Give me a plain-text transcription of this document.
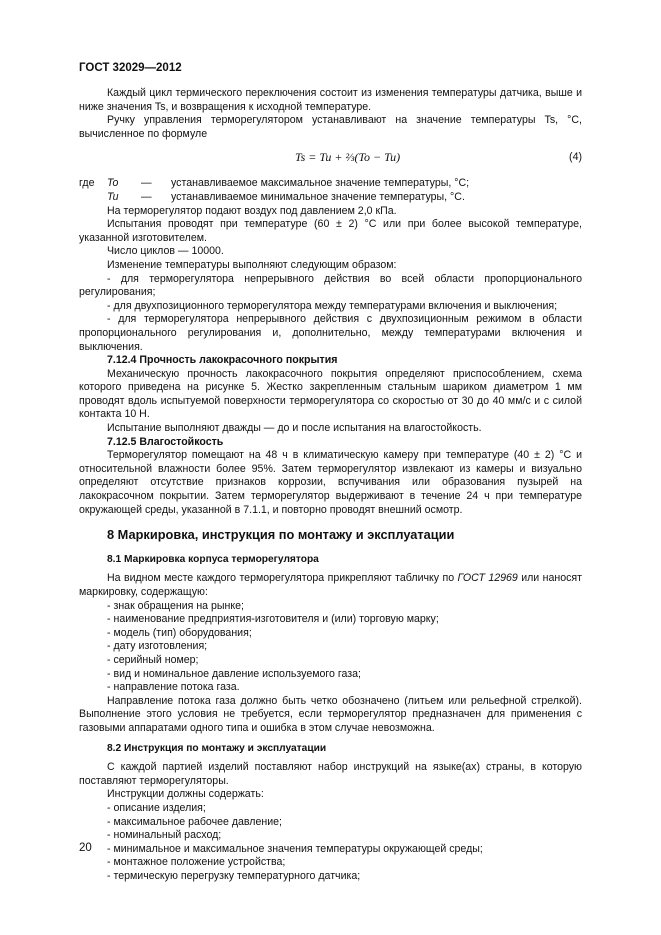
ГОСТ 32029—2012

Каждый цикл термического переключения состоит из изменения температуры датчика, выше и ниже значения Ts, и возвращения к исходной температуре.

Ручку управления терморегулятором устанавливают на значение температуры Ts, °С, вычисленное по формуле

Ts = Tu + ⅔(To − Tu)	(4)
где	To	—	устанавливаемое максимальное значение температуры, °С;
Tu	—	устанавливаемое минимальное значение температуры, °С.

На терморегулятор подают воздух под давлением 2,0 кПа.

Испытания проводят при температуре (60 ± 2) °С или при более высокой температуре, указанной изготовителем.

Число циклов — 10000.

Изменение температуры выполняют следующим образом:

- для терморегулятора непрерывного действия во всей области пропорционального регулирования;

- для двухпозиционного терморегулятора между температурами включения и выключения;

- для терморегулятора непрерывного действия с двухпозиционным режимом в области пропорционального регулирования и, дополнительно, между температурами включения и выключения.

7.12.4 Прочность лакокрасочного покрытия

Механическую прочность лакокрасочного покрытия определяют приспособлением, схема которого приведена на рисунке 5. Жестко закрепленным стальным шариком диаметром 1 мм проводят вдоль испытуемой поверхности терморегулятора со скоростью от 30 до 40 мм/с и с силой контакта 10 Н.

Испытание выполняют дважды — до и после испытания на влагостойкость.

7.12.5 Влагостойкость

Терморегулятор помещают на 48 ч в климатическую камеру при температуре (40 ± 2) °С и относительной влажности более 95%. Затем терморегулятор извлекают из камеры и визуально определяют отсутствие признаков коррозии, вспучивания или образования пузырей на лакокрасочном покрытии. Затем терморегулятор выдерживают в течение 24 ч при температуре окружающей среды, указанной в 7.1.1, и повторно проводят внешний осмотр.

8 Маркировка, инструкция по монтажу и эксплуатации

8.1 Маркировка корпуса терморегулятора

На видном месте каждого терморегулятора прикрепляют табличку по ГОСТ 12969 или наносят маркировку, содержащую:

- знак обращения на рынке;

- наименование предприятия-изготовителя и (или) торговую марку;

- модель (тип) оборудования;

- дату изготовления;

- серийный номер;

- вид и номинальное давление используемого газа;

- направление потока газа.

Направление потока газа должно быть четко обозначено (литьем или рельефной стрелкой). Выполнение этого условия не требуется, если терморегулятор предназначен для применения с газовыми аппаратами одного типа и ошибка в этом случае невозможна.

8.2 Инструкция по монтажу и эксплуатации

С каждой партией изделий поставляют набор инструкций на языке(ах) страны, в которую поставляют терморегуляторы.

Инструкции должны содержать:

- описание изделия;

- максимальное рабочее давление;

- номинальный расход;

- минимальное и максимальное значения температуры окружающей среды;

- монтажное положение устройства;

- термическую перегрузку температурного датчика;

20
